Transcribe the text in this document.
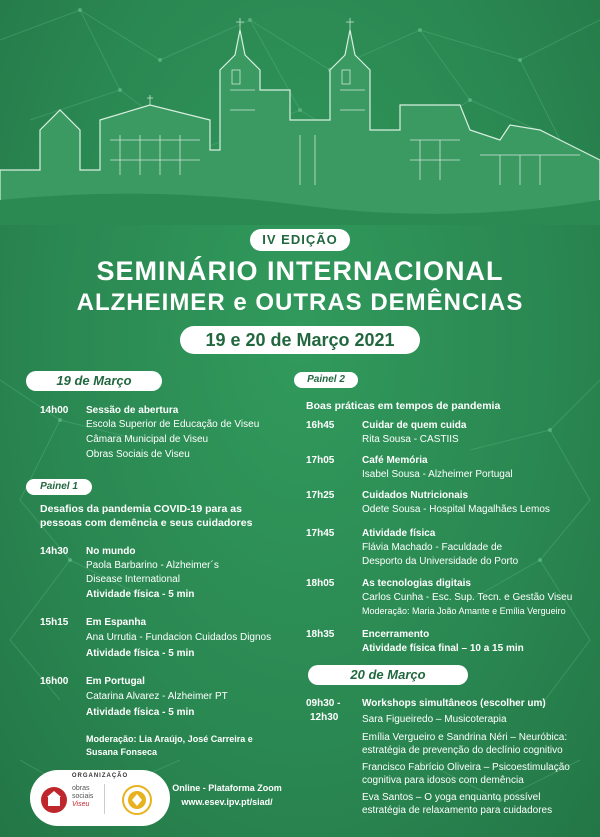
IV EDIÇÃO
SEMINÁRIO INTERNACIONAL
ALZHEIMER e OUTRAS DEMÊNCIAS
19 e 20 de Março 2021
19 de Março
14h00 Sessão de abertura
Escola Superior de Educação de Viseu
Câmara Municipal de Viseu
Obras Sociais de Viseu
Painel 1
Desafios da pandemia COVID-19 para as
pessoas com demência e seus cuidadores
14h30 No mundo
Paola Barbarino - Alzheimer´s
Disease International
Atividade física - 5 min
15h15 Em Espanha
Ana Urrutia - Fundacion Cuidados Dignos
Atividade física - 5 min
16h00 Em Portugal
Catarina Alvarez - Alzheimer PT
Atividade física - 5 min
Moderação: Lia Araújo, José Carreira e
Susana Fonseca
Painel 2
Boas práticas em tempos de pandemia
16h45	Cuidar de quem cuida
Rita Sousa - CASTIIS
17h05	Café Memória
Isabel Sousa - Alzheimer Portugal
17h25	Cuidados Nutricionais
Odete Sousa - Hospital Magalhães Lemos
17h45	Atividade física
Flávia Machado - Faculdade de
Desporto da Universidade do Porto
18h05	As tecnologias digitais
Carlos Cunha - Esc. Sup. Tecn. e Gestão Viseu
Moderação: Maria João Amante e Emília Vergueiro
18h35	Encerramento
Atividade física final – 10 a 15 min
20 de Março
09h30 -
12h30
Workshops simultâneos (escolher um)
Sara Figueiredo – Musicoterapia
Emília Vergueiro e Sandrina Néri – Neuróbica:
estratégia de prevenção do declínio cognitivo
Francisco Fabrício Oliveira – Psicoestimulação
cognitiva para idosos com demência
Eva Santos – O yoga enquanto possível
estratégia de relaxamento para cuidadores
ORGANIZAÇÃO
obras
sociais
Viseu
Online - Plataforma Zoom
www.esev.ipv.pt/siad/
